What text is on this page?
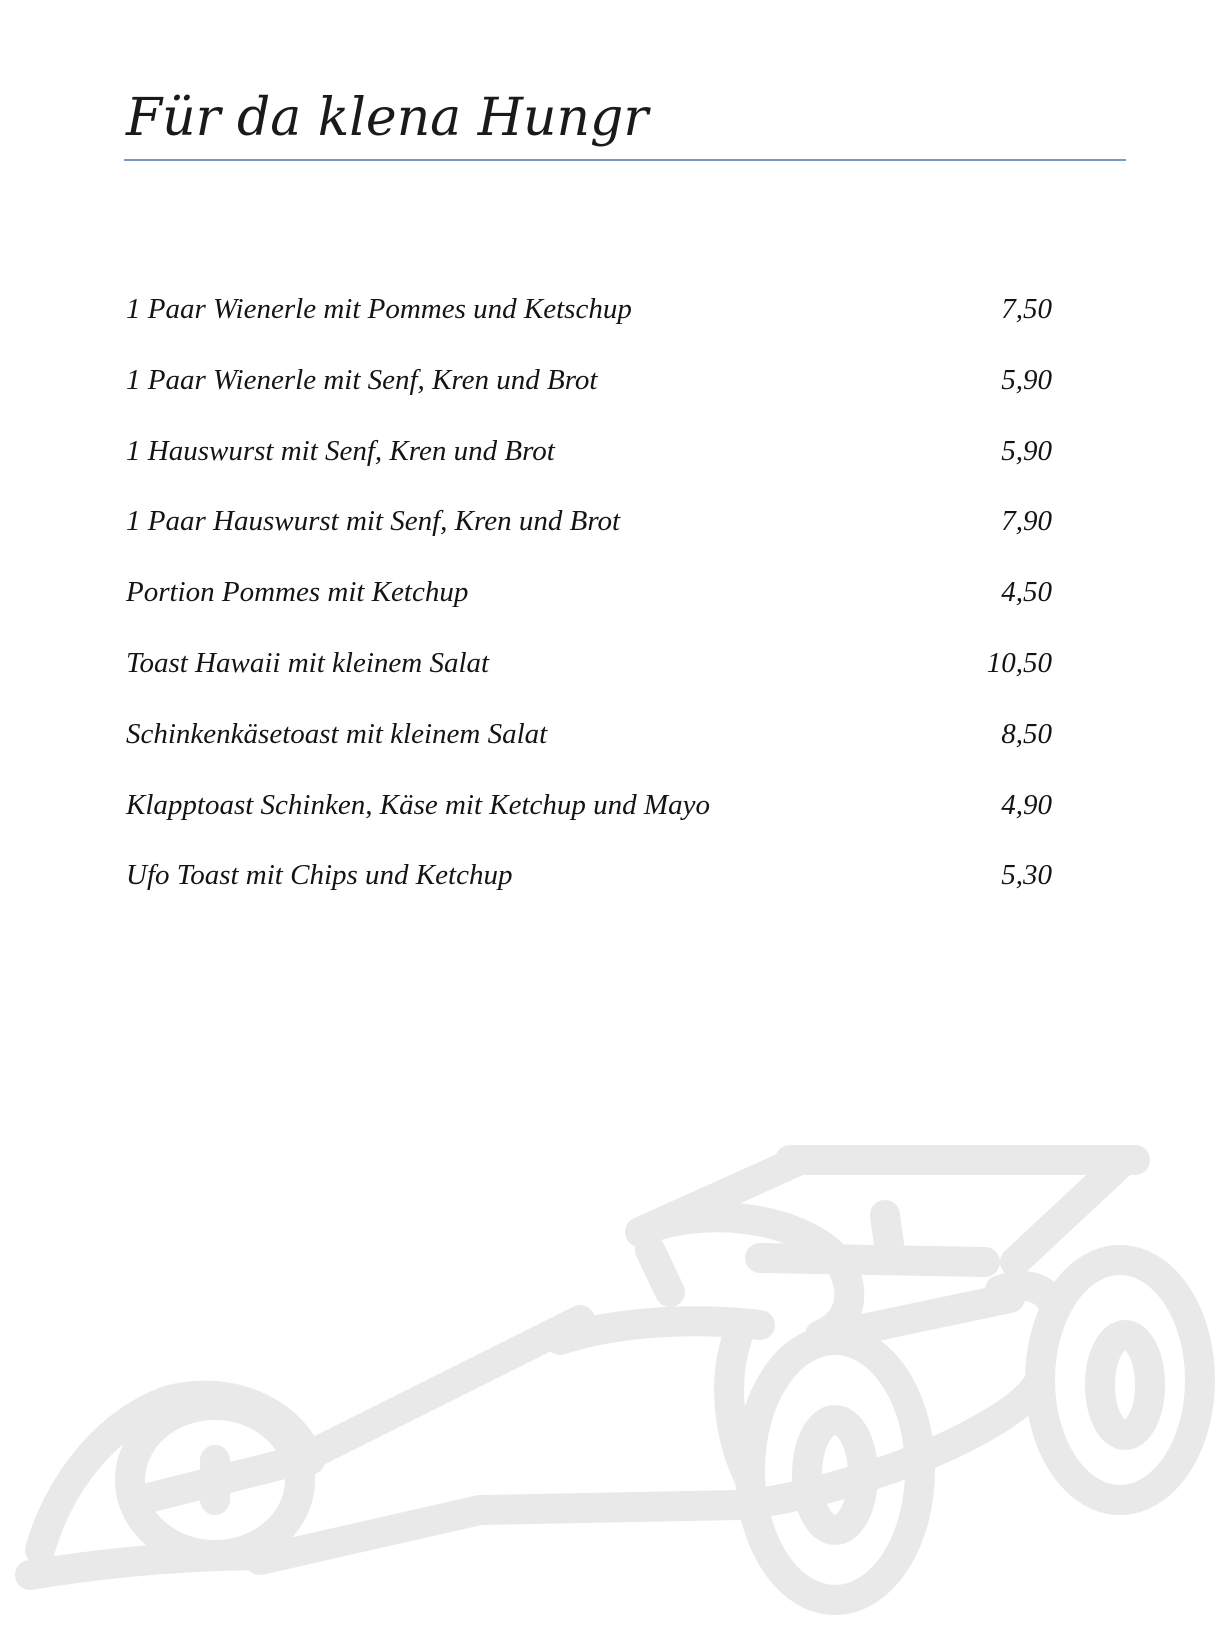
Für da klena Hungr
1 Paar Wienerle mit Pommes und Ketschup	7,50
1 Paar Wienerle mit Senf, Kren und Brot	5,90
1 Hauswurst mit Senf, Kren und Brot	5,90
1 Paar Hauswurst mit Senf, Kren und Brot	7,90
Portion Pommes mit Ketchup	4,50
Toast Hawaii mit kleinem Salat	10,50
Schinkenkäsetoast mit kleinem Salat	8,50
Klapptoast Schinken, Käse mit Ketchup und Mayo	4,90
Ufo Toast mit Chips und Ketchup	5,30
